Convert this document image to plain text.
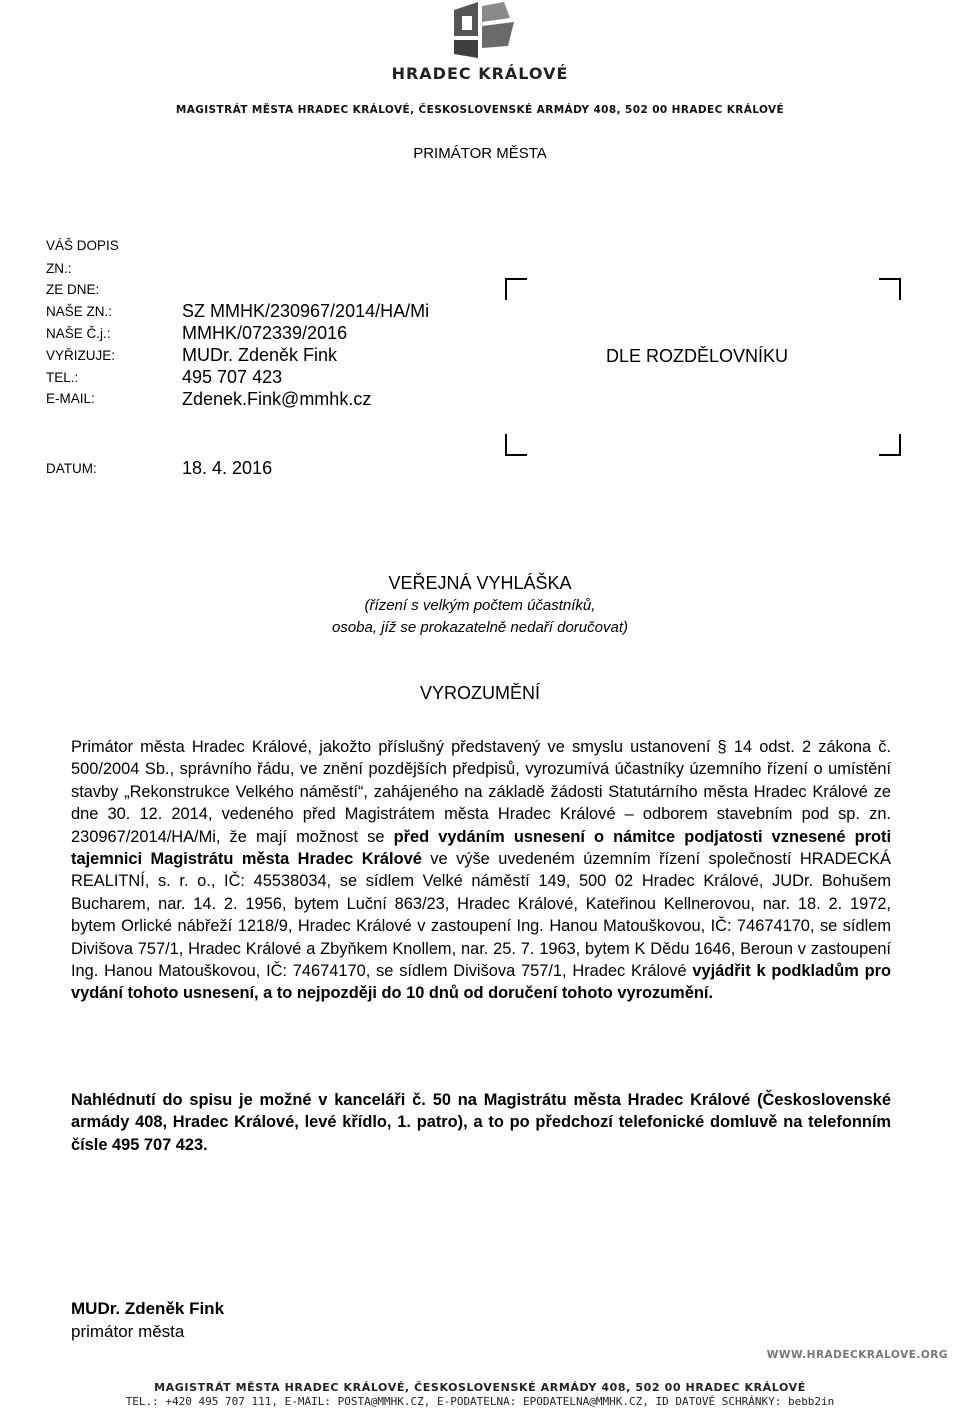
HRADEC KRÁLOVÉ
MAGISTRÁT MĚSTA HRADEC KRÁLOVÉ, ČESKOSLOVENSKÉ ARMÁDY 408, 502 00 HRADEC KRÁLOVÉ
PRIMÁTOR MĚSTA
VÁŠ DOPIS
ZN.:
ZE DNE:
NAŠE ZN.:	SZ MMHK/230967/2014/HA/Mi
NAŠE Č.j.:	MMHK/072339/2016
VYŘIZUJE:	MUDr. Zdeněk Fink
TEL.:	495 707 423
E-MAIL:	Zdenek.Fink@mmhk.cz
DATUM:	18. 4. 2016
DLE ROZDĚLOVNÍKU
VEŘEJNÁ VYHLÁŠKA
(řízení s velkým počtem účastníků,
osoba, jíž se prokazatelně nedaří doručovat)
VYROZUMĚNÍ
Primátor města Hradec Králové, jakožto příslušný představený ve smyslu ustanovení § 14 odst. 2 zákona č. 500/2004 Sb., správního řádu, ve znění pozdějších předpisů, vyrozumívá účastníky územního řízení o umístění stavby „Rekonstrukce Velkého náměstí“, zahájeného na základě žádosti Statutárního města Hradec Králové ze dne 30. 12. 2014, vedeného před Magistrátem města Hradec Králové – odborem stavebním pod sp. zn. 230967/2014/HA/Mi, že mají možnost se před vydáním usnesení o námitce podjatosti vznesené proti tajemnici Magistrátu města Hradec Králové ve výše uvedeném územním řízení společností HRADECKÁ REALITNÍ, s. r. o., IČ: 45538034, se sídlem Velké náměstí 149, 500 02 Hradec Králové, JUDr. Bohušem Bucharem, nar. 14. 2. 1956, bytem Luční 863/23, Hradec Králové, Kateřinou Kellnerovou, nar. 18. 2. 1972, bytem Orlické nábřeží 1218/9, Hradec Králové v zastoupení Ing. Hanou Matouškovou, IČ: 74674170, se sídlem Divišova 757/1, Hradec Králové a Zbyňkem Knollem, nar. 25. 7. 1963, bytem K Dědu 1646, Beroun v zastoupení Ing. Hanou Matouškovou, IČ: 74674170, se sídlem Divišova 757/1, Hradec Králové vyjádřit k podkladům pro vydání tohoto usnesení, a to nejpozději do 10 dnů od doručení tohoto vyrozumění.
Nahlédnutí do spisu je možné v kanceláři č. 50 na Magistrátu města Hradec Králové (Československé armády 408, Hradec Králové, levé křídlo, 1. patro), a to po předchozí telefonické domluvě na telefonním čísle 495 707 423.
MUDr. Zdeněk Fink
primátor města
WWW.HRADECKRALOVE.ORG
MAGISTRÁT MĚSTA HRADEC KRÁLOVÉ, ČESKOSLOVENSKÉ ARMÁDY 408, 502 00 HRADEC KRÁLOVÉ
TEL.: +420 495 707 111, E-MAIL: POSTA@MMHK.CZ, E-PODATELNA: EPODATELNA@MMHK.CZ, ID DATOVÉ SCHRÁNKY: bebb2in
